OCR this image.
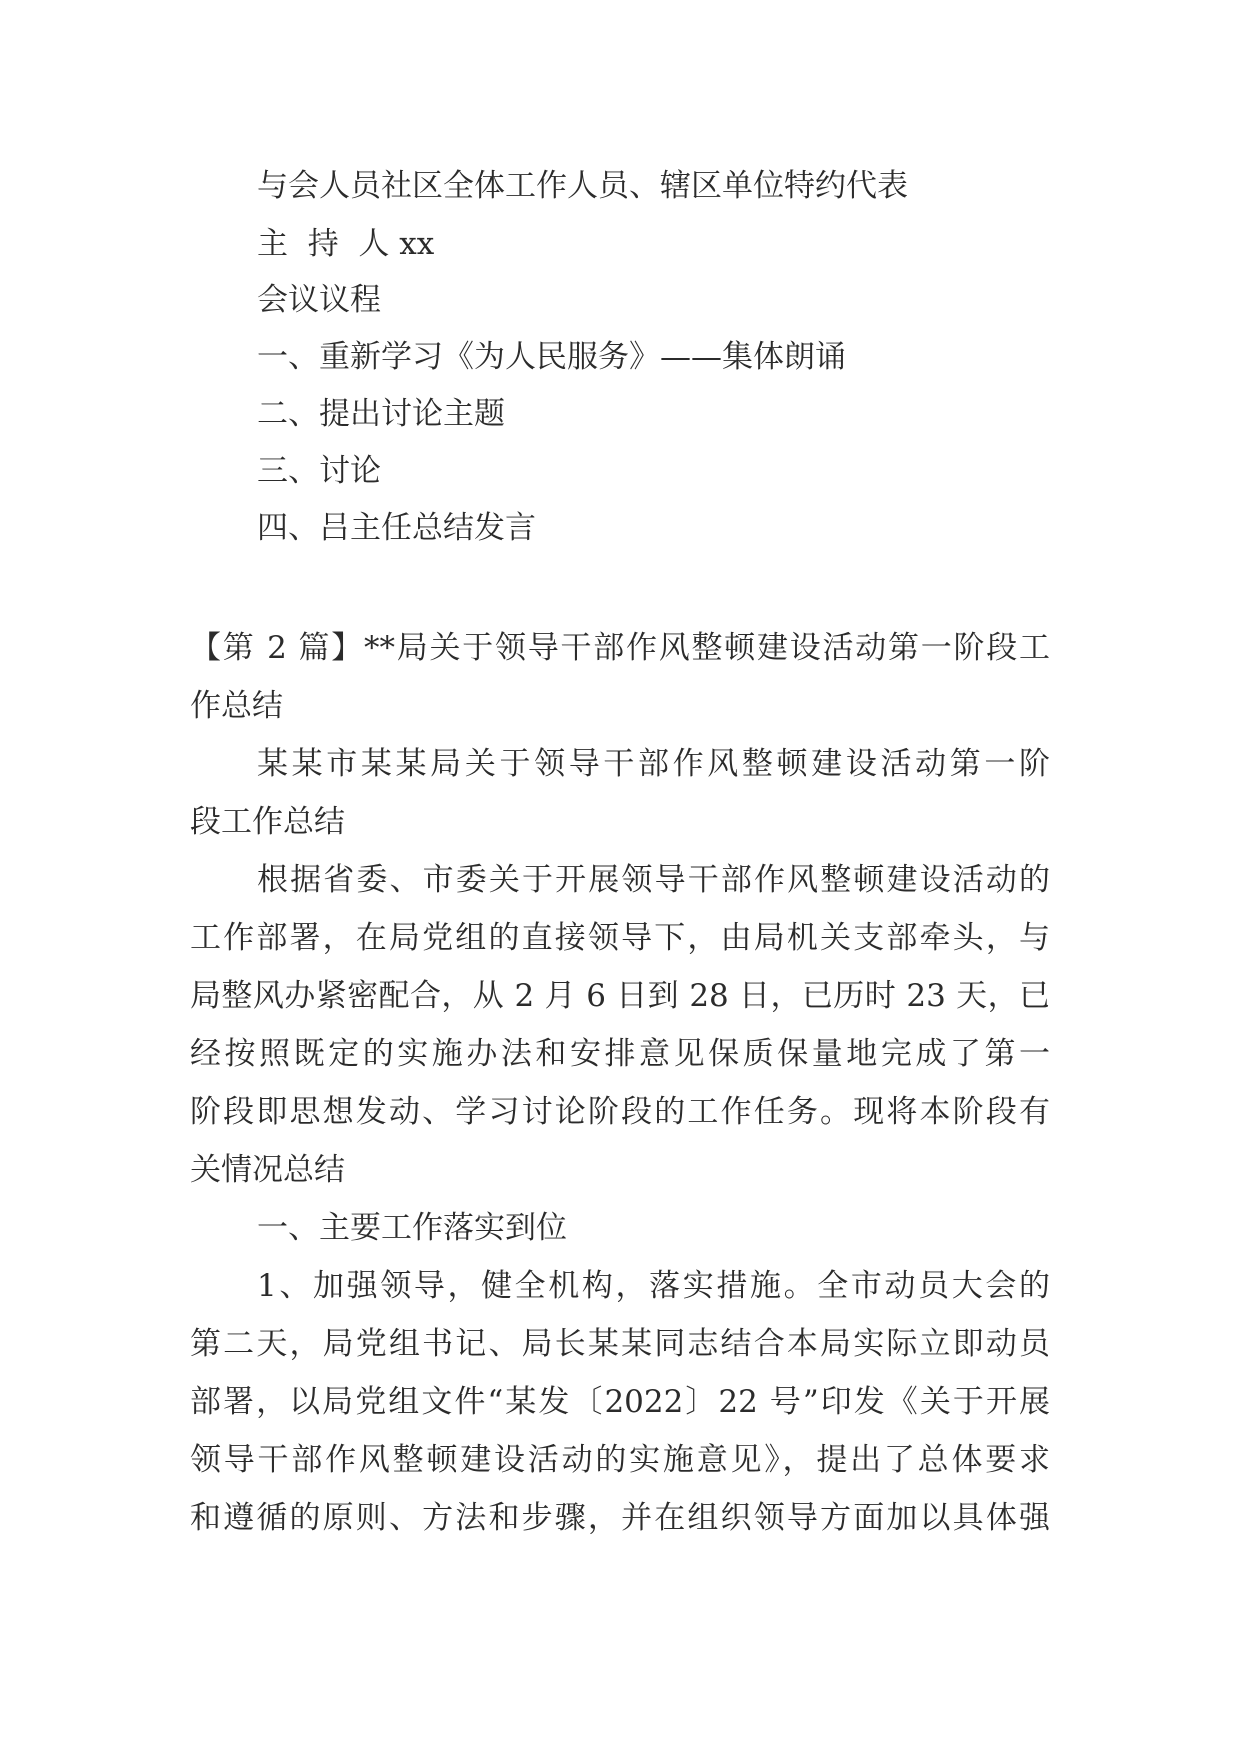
与会人员社区全体工作人员、辖区单位特约代表
主  持  人 xx
会议议程
一、重新学习《为人民服务》——集体朗诵
二、提出讨论主题
三、讨论
四、吕主任总结发言
【第 2 篇】**局关于领导干部作风整顿建设活动第一阶段工
作总结
某某市某某局关于领导干部作风整顿建设活动第一阶
段工作总结
根据省委、市委关于开展领导干部作风整顿建设活动的
工作部署，在局党组的直接领导下，由局机关支部牵头，与
局整风办紧密配合，从 2 月 6 日到 28 日，已历时 23 天，已
经按照既定的实施办法和安排意见保质保量地完成了第一
阶段即思想发动、学习讨论阶段的工作任务。现将本阶段有
关情况总结
一、主要工作落实到位
1、加强领导，健全机构，落实措施。全市动员大会的
第二天，局党组书记、局长某某同志结合本局实际立即动员
部署，以局党组文件“某发〔2022〕22 号”印发《关于开展
领导干部作风整顿建设活动的实施意见》，提出了总体要求
和遵循的原则、方法和步骤，并在组织领导方面加以具体强
